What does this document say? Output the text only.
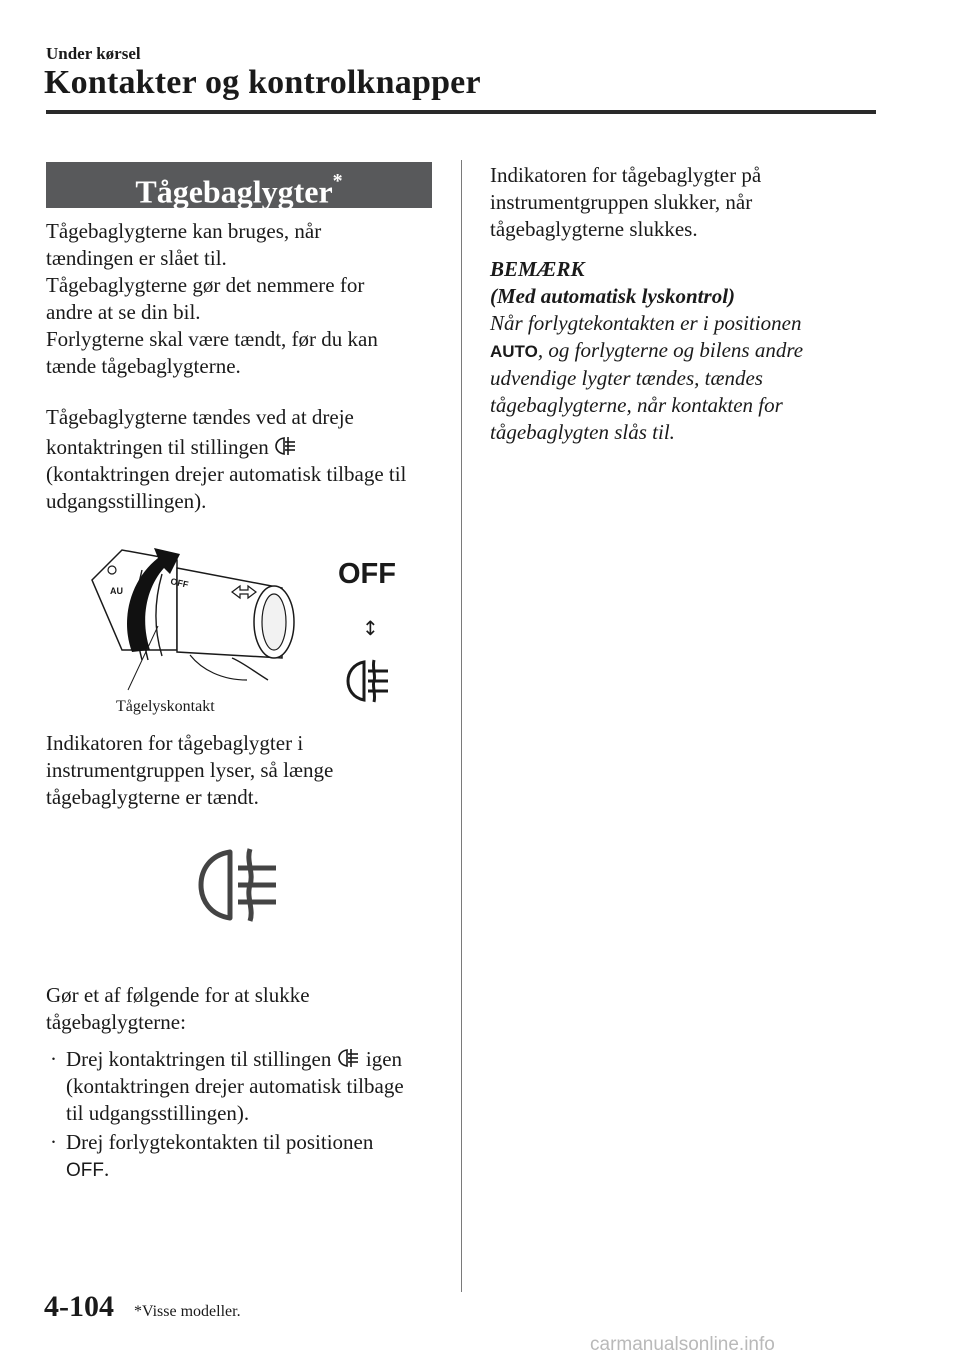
Under kørsel
Kontakter og kontrolknapper
Tågebaglygter*
Tågebaglygterne kan bruges, når
tændingen er slået til.
Tågebaglygterne gør det nemmere for
andre at se din bil.
Forlygterne skal være tændt, før du kan
tænde tågebaglygterne.
Tågebaglygterne tændes ved at dreje
kontaktringen til stillingen
(kontaktringen drejer automatisk tilbage til
udgangsstillingen).
AU
OFF
Tågelyskontakt
OFF
↕
Indikatoren for tågebaglygter i
instrumentgruppen lyser, så længe
tågebaglygterne er tændt.
Gør et af følgende for at slukke
tågebaglygterne:
· Drej kontaktringen til stillingen igen
(kontaktringen drejer automatisk tilbage
til udgangsstillingen).
· Drej forlygtekontakten til positionen
OFF.
Indikatoren for tågebaglygter på
instrumentgruppen slukker, når
tågebaglygterne slukkes.
BEMÆRK
(Med automatisk lyskontrol)
Når forlygtekontakten er i positionen
AUTO, og forlygterne og bilens andre
udvendige lygter tændes, tændes
tågebaglygterne, når kontakten for
tågebaglygten slås til.
4-104 *Visse modeller.
carmanualsonline.info
